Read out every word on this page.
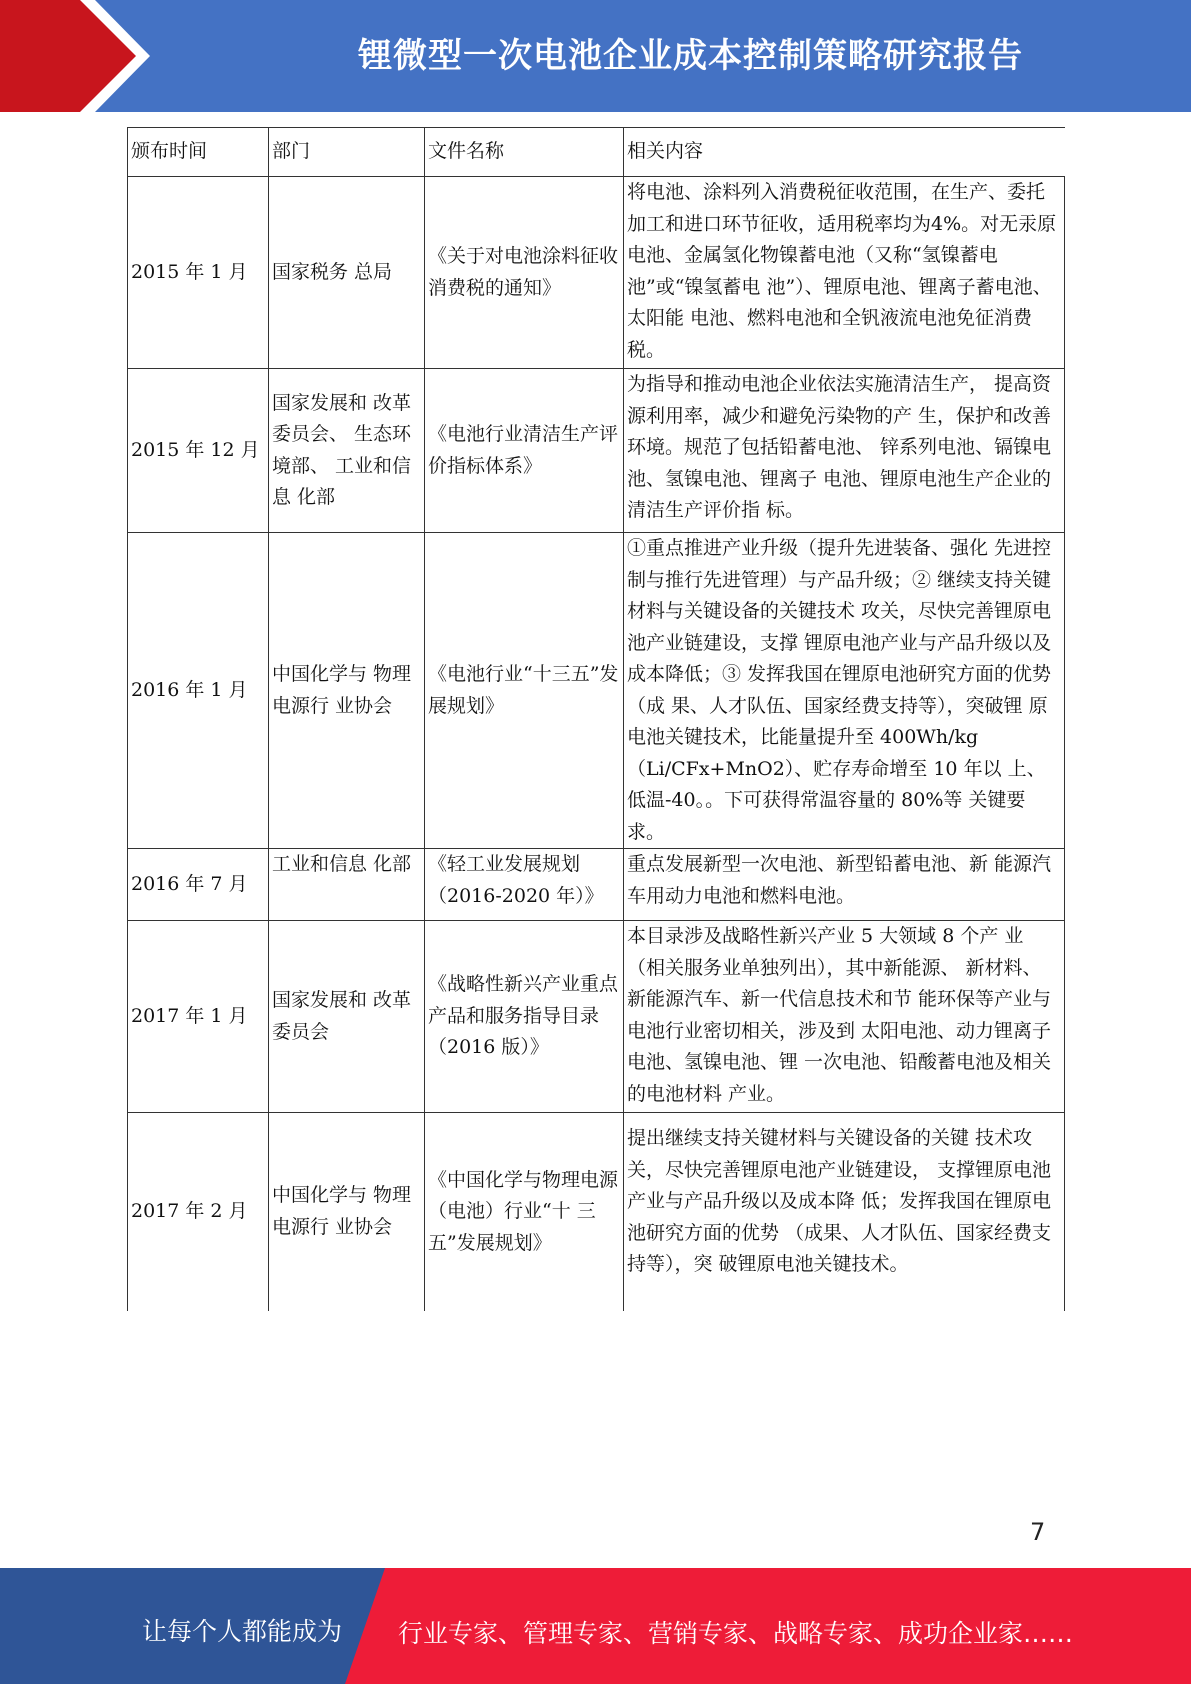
锂微型一次电池企业成本控制策略研究报告
颁布时间	部门	文件名称	相关内容
2015 年 1 月	国家税务 总局	《关于对电池涂料征收消费税的通知》	将电池、涂料列入消费税征收范围，在生产、委托加工和进口环节征收，适用税率均为4%。对无汞原电池、金属氢化物镍蓄电池（又称“氢镍蓄电池”或“镍氢蓄电 池”）、锂原电池、锂离子蓄电池、太阳能 电池、燃料电池和全钒液流电池免征消费 税。
2015 年 12 月	国家发展和 改革委员会、 生态环境部、 工业和信息 化部	《电池行业清洁生产评价指标体系》	为指导和推动电池企业依法实施清洁生产， 提高资源利用率，减少和避免污染物的产 生，保护和改善环境。规范了包括铅蓄电池、 锌系列电池、镉镍电池、氢镍电池、锂离子 电池、锂原电池生产企业的清洁生产评价指 标。
2016 年 1 月	中国化学与 物理电源行 业协会	《电池行业“十三五”发展规划》	①重点推进产业升级（提升先进装备、强化 先进控制与推行先进管理）与产品升级；② 继续支持关键材料与关键设备的关键技术 攻关，尽快完善锂原电池产业链建设，支撑 锂原电池产业与产品升级以及成本降低；③ 发挥我国在锂原电池研究方面的优势（成 果、人才队伍、国家经费支持等），突破锂 原电池关键技术，比能量提升至 400Wh/kg （Li/CFx+MnO2）、贮存寿命增至 10 年以 上、低温-40。。下可获得常温容量的 80%等 关键要求。
2016 年 7 月	工业和信息 化部	《轻工业发展规划（2016-2020 年）》	重点发展新型一次电池、新型铅蓄电池、新 能源汽车用动力电池和燃料电池。
2017 年 1 月	国家发展和 改革委员会	《战略性新兴产业重点产品和服务指导目录（2016 版）》	本目录涉及战略性新兴产业 5 大领域 8 个产 业（相关服务业单独列出），其中新能源、 新材料、新能源汽车、新一代信息技术和节 能环保等产业与电池行业密切相关，涉及到 太阳电池、动力锂离子电池、氢镍电池、锂 一次电池、铅酸蓄电池及相关的电池材料 产业。
2017 年 2 月	中国化学与 物理电源行 业协会	《中国化学与物理电源（电池）行业“十 三五”发展规划》	提出继续支持关键材料与关键设备的关键 技术攻关，尽快完善锂原电池产业链建设， 支撑锂原电池产业与产品升级以及成本降 低；发挥我国在锂原电池研究方面的优势 （成果、人才队伍、国家经费支持等），突 破锂原电池关键技术。
7
让每个人都能成为 行业专家、管理专家、营销专家、战略专家、成功企业家……
